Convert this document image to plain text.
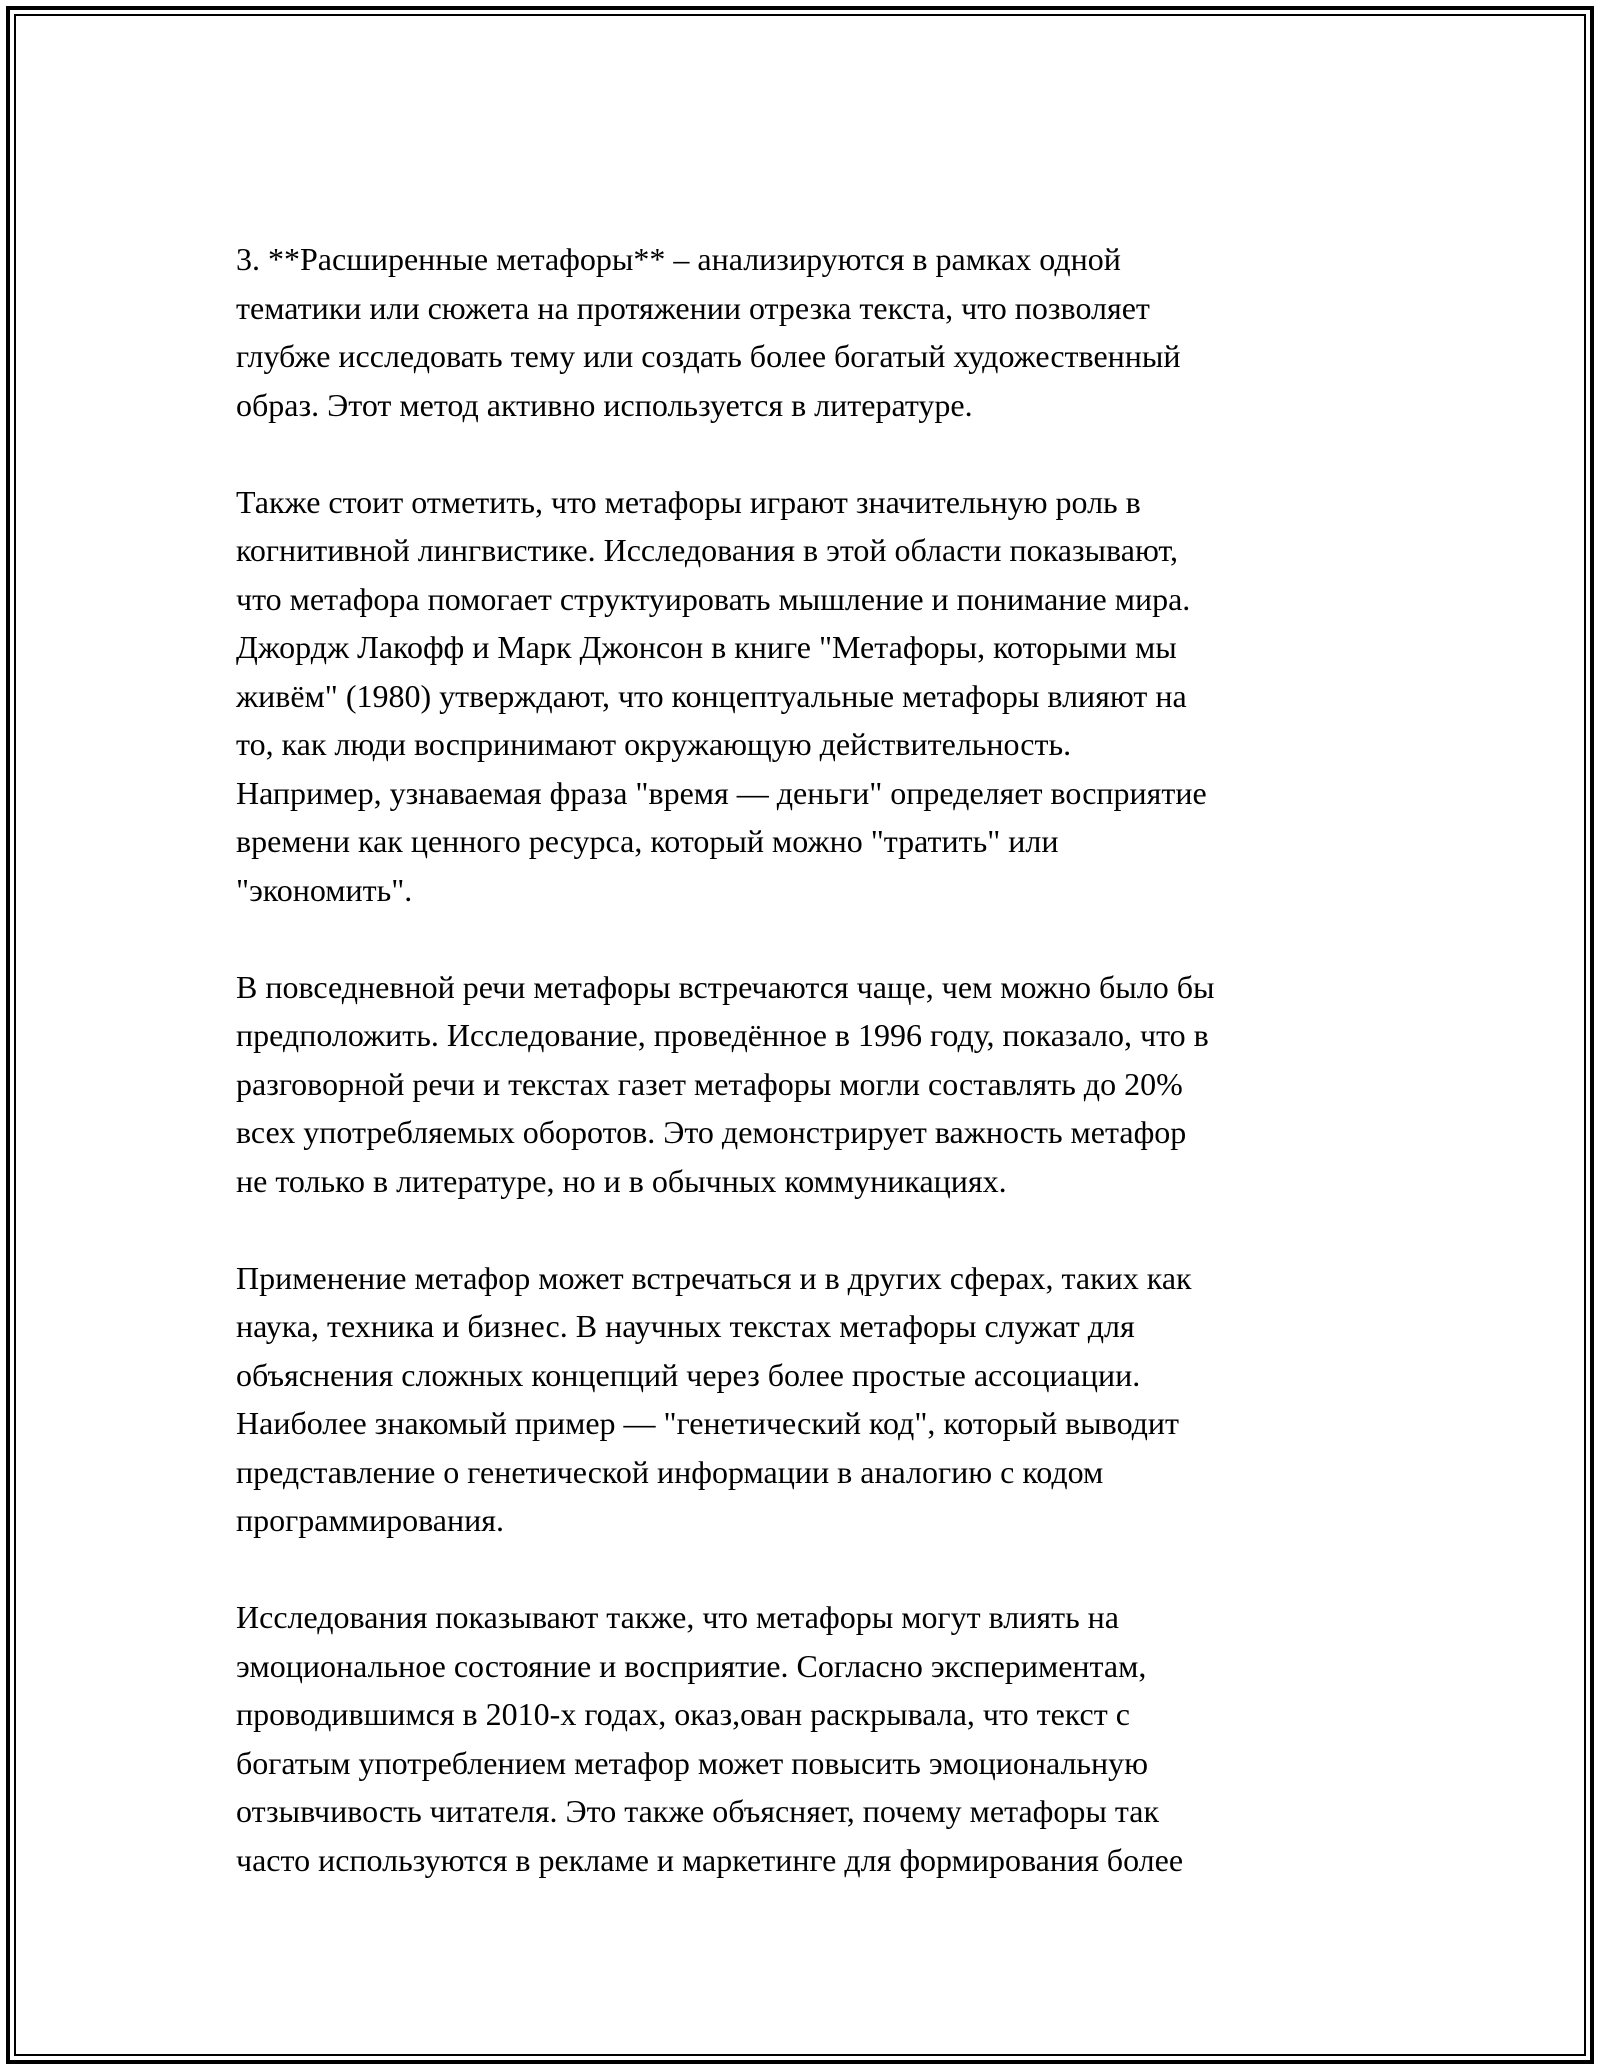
3. **Расширенные метафоры** – анализируются в рамках одной
тематики или сюжета на протяжении отрезка текста, что позволяет
глубже исследовать тему или создать более богатый художественный
образ. Этот метод активно используется в литературе.

Также стоит отметить, что метафоры играют значительную роль в
когнитивной лингвистике. Исследования в этой области показывают,
что метафора помогает структуировать мышление и понимание мира.
Джордж Лакофф и Марк Джонсон в книге "Метафоры, которыми мы
живём" (1980) утверждают, что концептуальные метафоры влияют на
то, как люди воспринимают окружающую действительность.
Например, узнаваемая фраза "время — деньги" определяет восприятие
времени как ценного ресурса, который можно "тратить" или
"экономить".

В повседневной речи метафоры встречаются чаще, чем можно было бы
предположить. Исследование, проведённое в 1996 году, показало, что в
разговорной речи и текстах газет метафоры могли составлять до 20%
всех употребляемых оборотов. Это демонстрирует важность метафор
не только в литературе, но и в обычных коммуникациях.

Применение метафор может встречаться и в других сферах, таких как
наука, техника и бизнес. В научных текстах метафоры служат для
объяснения сложных концепций через более простые ассоциации.
Наиболее знакомый пример — "генетический код", который выводит
представление о генетической информации в аналогию с кодом
программирования.

Исследования показывают также, что метафоры могут влиять на
эмоциональное состояние и восприятие. Согласно экспериментам,
проводившимся в 2010-х годах, оказ,ован раскрывала, что текст с
богатым употреблением метафор может повысить эмоциональную
отзывчивость читателя. Это также объясняет, почему метафоры так
часто используются в рекламе и маркетинге для формирования более
